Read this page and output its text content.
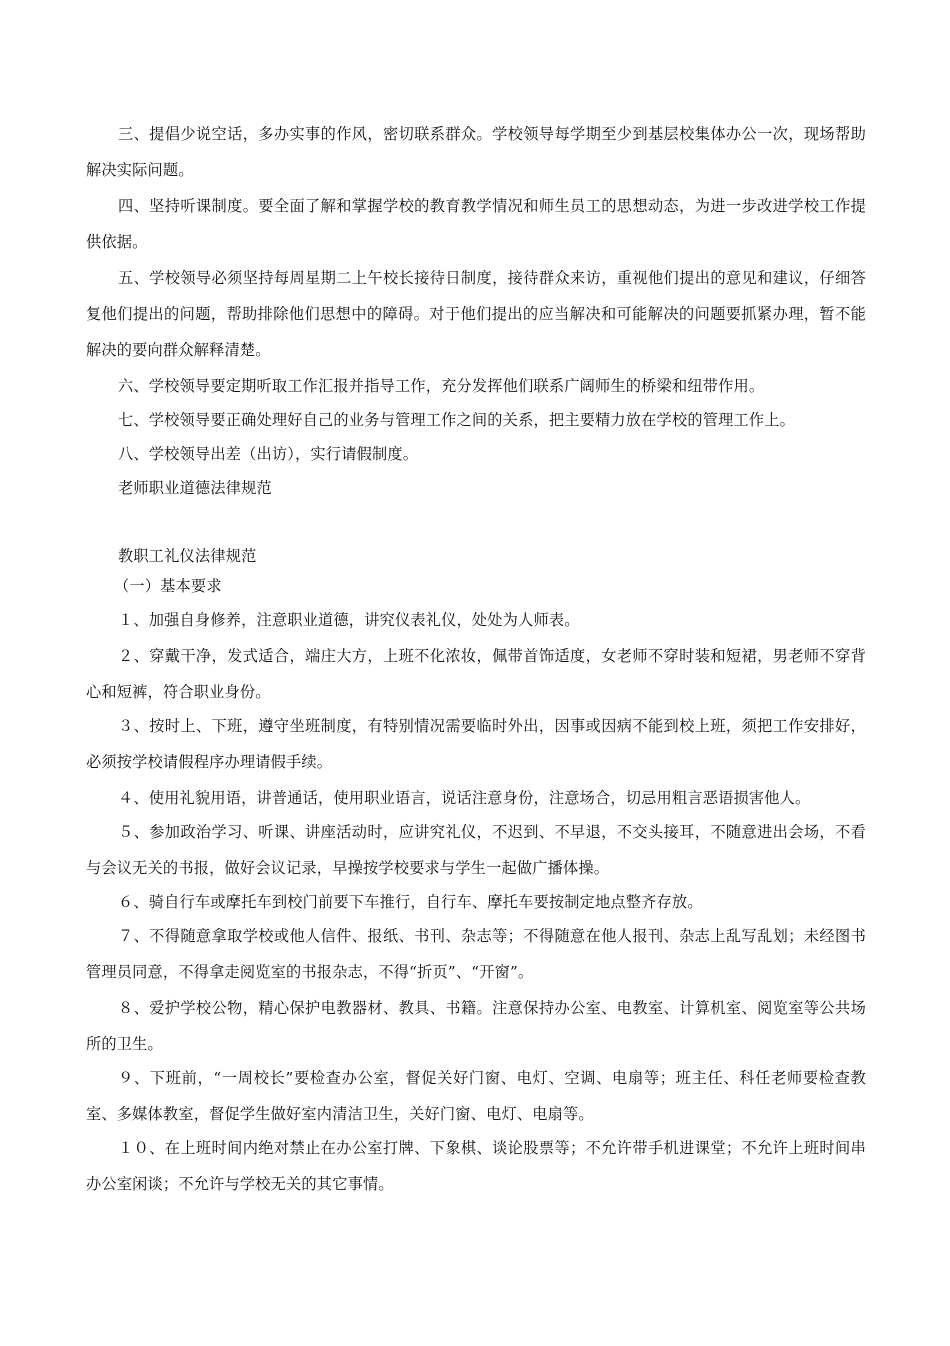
三、提倡少说空话，多办实事的作风，密切联系群众。学校领导每学期至少到基层校集体办公一次，现场帮助解决实际问题。

四、坚持听课制度。要全面了解和掌握学校的教育教学情况和师生员工的思想动态，为进一步改进学校工作提供依据。

五、学校领导必须坚持每周星期二上午校长接待日制度，接待群众来访，重视他们提出的意见和建议，仔细答复他们提出的问题，帮助排除他们思想中的障碍。对于他们提出的应当解决和可能解决的问题要抓紧办理，暂不能解决的要向群众解释清楚。

六、学校领导要定期听取工作汇报并指导工作，充分发挥他们联系广阔师生的桥梁和纽带作用。

七、学校领导要正确处理好自己的业务与管理工作之间的关系，把主要精力放在学校的管理工作上。

八、学校领导出差（出访），实行请假制度。

老师职业道德法律规范

教职工礼仪法律规范

（一）基本要求

１、加强自身修养，注意职业道德，讲究仪表礼仪，处处为人师表。

２、穿戴干净，发式适合，端庄大方，上班不化浓妆，佩带首饰适度，女老师不穿时装和短裙，男老师不穿背心和短裤，符合职业身份。

３、按时上、下班，遵守坐班制度，有特别情况需要临时外出，因事或因病不能到校上班，须把工作安排好，必须按学校请假程序办理请假手续。

４、使用礼貌用语，讲普通话，使用职业语言，说话注意身份，注意场合，切忌用粗言恶语损害他人。

５、参加政治学习、听课、讲座活动时，应讲究礼仪，不迟到、不早退，不交头接耳，不随意进出会场，不看与会议无关的书报，做好会议记录，早操按学校要求与学生一起做广播体操。

６、骑自行车或摩托车到校门前要下车推行，自行车、摩托车要按制定地点整齐存放。

７、不得随意拿取学校或他人信件、报纸、书刊、杂志等；不得随意在他人报刊、杂志上乱写乱划；未经图书管理员同意，不得拿走阅览室的书报杂志，不得“折页”、“开窗”。

８、爱护学校公物，精心保护电教器材、教具、书籍。注意保持办公室、电教室、计算机室、阅览室等公共场所的卫生。

９、下班前，“一周校长”要检查办公室，督促关好门窗、电灯、空调、电扇等；班主任、科任老师要检查教室、多媒体教室，督促学生做好室内清洁卫生，关好门窗、电灯、电扇等。

１０、在上班时间内绝对禁止在办公室打牌、下象棋、谈论股票等；不允许带手机进课堂；不允许上班时间串办公室闲谈；不允许与学校无关的其它事情。
